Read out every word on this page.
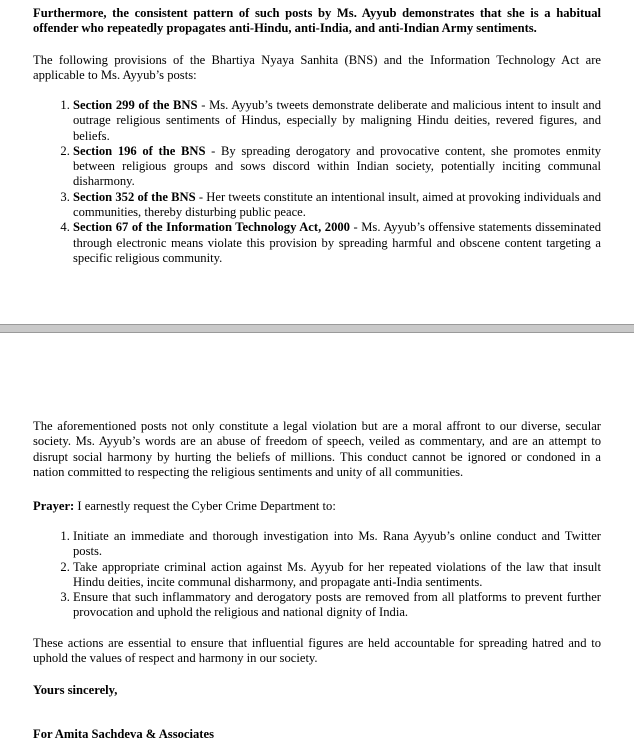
Furthermore, the consistent pattern of such posts by Ms. Ayyub demonstrates that she is a habitual offender who repeatedly propagates anti-Hindu, anti-India, and anti-Indian Army sentiments.

The following provisions of the Bhartiya Nyaya Sanhita (BNS) and the Information Technology Act are applicable to Ms. Ayyub’s posts:

1. Section 299 of the BNS - Ms. Ayyub’s tweets demonstrate deliberate and malicious intent to insult and outrage religious sentiments of Hindus, especially by maligning Hindu deities, revered figures, and beliefs.
2. Section 196 of the BNS - By spreading derogatory and provocative content, she promotes enmity between religious groups and sows discord within Indian society, potentially inciting communal disharmony.
3. Section 352 of the BNS - Her tweets constitute an intentional insult, aimed at provoking individuals and communities, thereby disturbing public peace.
4. Section 67 of the Information Technology Act, 2000 - Ms. Ayyub’s offensive statements disseminated through electronic means violate this provision by spreading harmful and obscene content targeting a specific religious community.

The aforementioned posts not only constitute a legal violation but are a moral affront to our diverse, secular society. Ms. Ayyub’s words are an abuse of freedom of speech, veiled as commentary, and are an attempt to disrupt social harmony by hurting the beliefs of millions. This conduct cannot be ignored or condoned in a nation committed to respecting the religious sentiments and unity of all communities.

Prayer: I earnestly request the Cyber Crime Department to:

1. Initiate an immediate and thorough investigation into Ms. Rana Ayyub’s online conduct and Twitter posts.
2. Take appropriate criminal action against Ms. Ayyub for her repeated violations of the law that insult Hindu deities, incite communal disharmony, and propagate anti-India sentiments.
3. Ensure that such inflammatory and derogatory posts are removed from all platforms to prevent further provocation and uphold the religious and national dignity of India.

These actions are essential to ensure that influential figures are held accountable for spreading hatred and to uphold the values of respect and harmony in our society.

Yours sincerely,

For Amita Sachdeva & Associates
